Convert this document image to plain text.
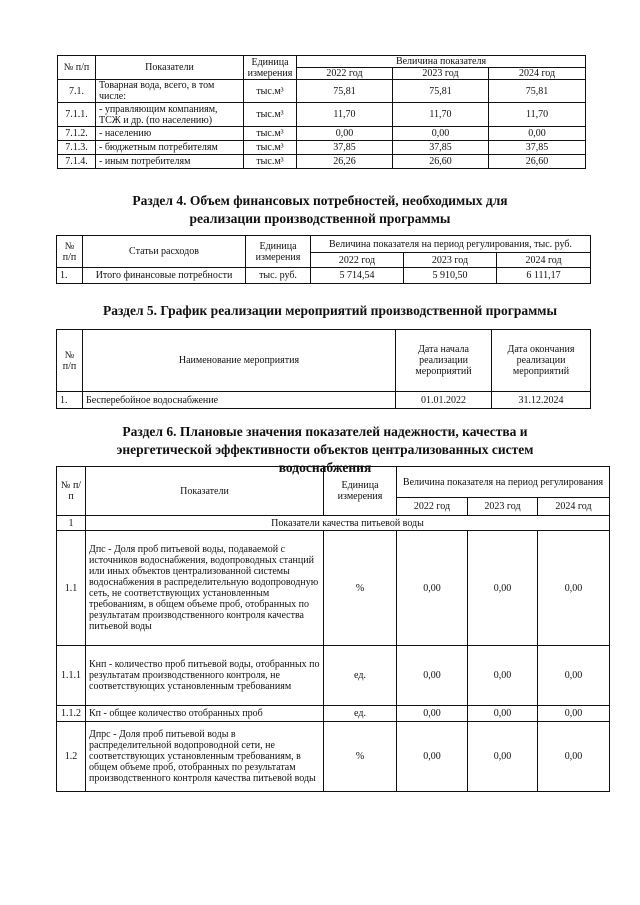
№ п/п	Показатели	Единица измерения	Величина показателя		
			2022 год	2023 год	2024 год
7.1.	Товарная вода, всего, в том числе:	тыс.м³	75,81	75,81	75,81
7.1.1.	- управляющим компаниям, ТСЖ и др. (по населению)	тыс.м³	11,70	11,70	11,70
7.1.2.	- населению	тыс.м³	0,00	0,00	0,00
7.1.3.	- бюджетным потребителям	тыс.м³	37,85	37,85	37,85
7.1.4.	- иным потребителям	тыс.м³	26,26	26,60	26,60
Раздел 4. Объем финансовых потребностей, необходимых для реализации производственной программы
№ п/п	Статьи расходов	Единица измерения	Величина показателя на период регулирования, тыс. руб.		
			2022 год	2023 год	2024 год
1.	Итого финансовые потребности	тыс. руб.	5 714,54	5 910,50	6 111,17
Раздел 5. График реализации мероприятий производственной программы
№ п/п	Наименование мероприятия	Дата начала реализации мероприятий	Дата окончания реализации мероприятий
1.	Бесперебойное водоснабжение	01.01.2022	31.12.2024
Раздел 6. Плановые значения показателей надежности, качества и энергетической эффективности объектов централизованных систем водоснабжения
№ п/п	Показатели	Единица измерения	Величина показателя на период регулирования		
			2022 год	2023 год	2024 год
1	Показатели качества питьевой воды				
1.1	Дпс - Доля проб питьевой воды, подаваемой с источников водоснабжения, водопроводных станций или иных объектов централизованной системы водоснабжения в распределительную водопроводную сеть, не соответствующих установленным требованиям, в общем объеме проб, отобранных по результатам производственного контроля качества питьевой воды	%	0,00	0,00	0,00
1.1.1	Кнп - количество проб питьевой воды, отобранных по результатам производственного контроля, не соответствующих установленным требованиям	ед.	0,00	0,00	0,00
1.1.2	Кп - общее количество отобранных проб	ед.	0,00	0,00	0,00
1.2	Дпрс - Доля проб питьевой воды в распределительной водопроводной сети, не соответствующих установленным требованиям, в общем объеме проб, отобранных по результатам производственного контроля качества питьевой воды	%	0,00	0,00	0,00
